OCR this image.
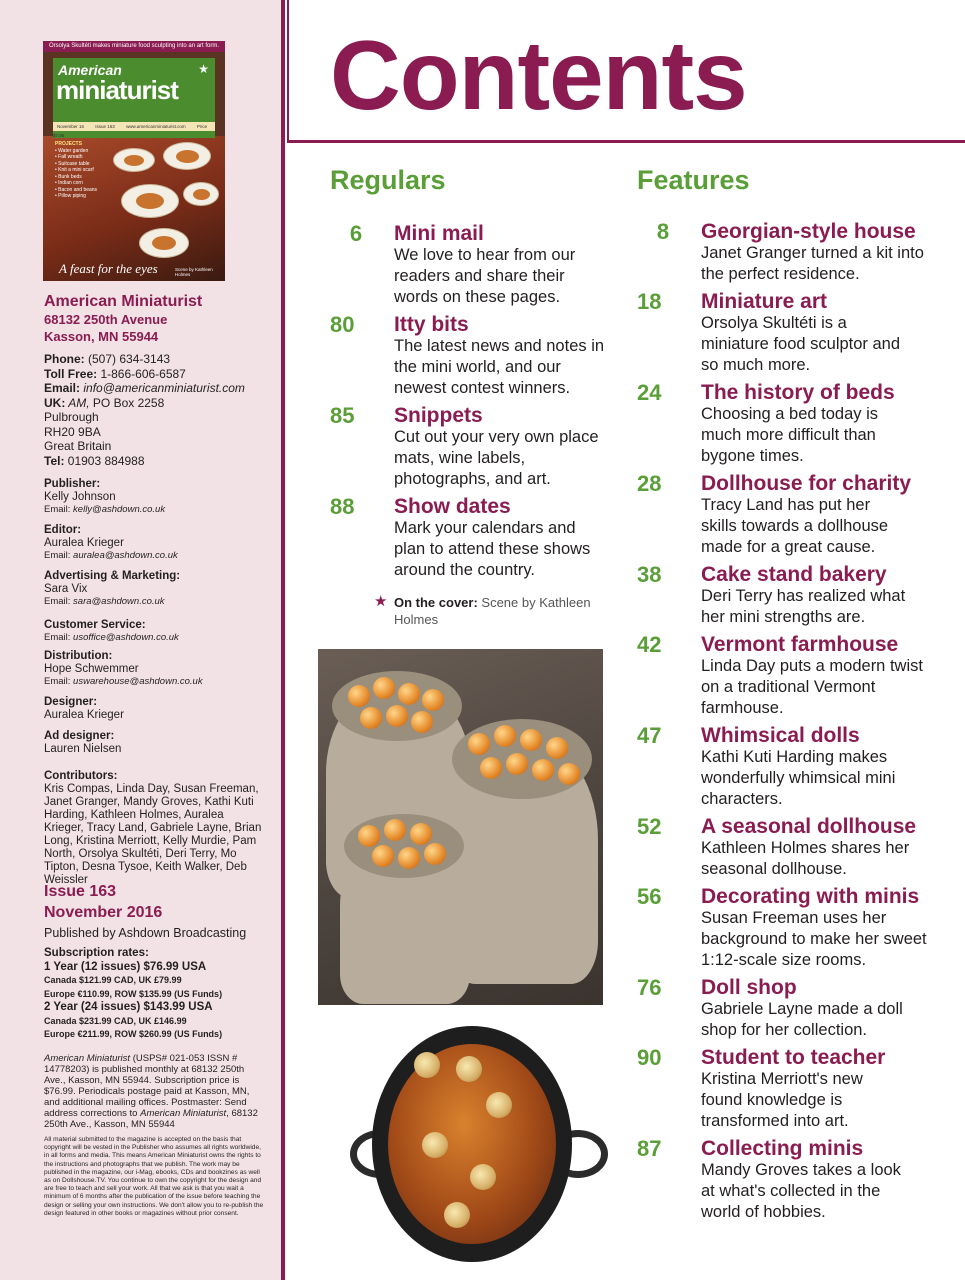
Orsolya Skultéti makes miniature food sculpting into an art form.
American
miniaturist
★
November 16	Issue 163	www.americanminiaturist.com	Price $7.95
PROJECTS
• Water garden
• Fall wreath
• Suitcase table
• Knit a mini scarf
• Bunk beds
• Indian corn
• Bacon and beans
• Pillow piping
A feast for the eyes	Scene by Kathleen Holmes
American Miniaturist
68132 250th Avenue
Kasson, MN 55944
Phone: (507) 634-3143
Toll Free: 1-866-606-6587
Email: info@americanminiaturist.com
UK: AM, PO Box 2258
Pulbrough
RH20 9BA
Great Britain
Tel: 01903 884988
Publisher:
Kelly Johnson
Email: kelly@ashdown.co.uk
Editor:
Auralea Krieger
Email: auralea@ashdown.co.uk
Advertising & Marketing:
Sara Vix
Email: sara@ashdown.co.uk
Customer Service:
Email: usoffice@ashdown.co.uk
Distribution:
Hope Schwemmer
Email: uswarehouse@ashdown.co.uk
Designer:
Auralea Krieger
Ad designer:
Lauren Nielsen
Contributors:
Kris Compas, Linda Day, Susan Freeman, Janet Granger, Mandy Groves, Kathi Kuti Harding, Kathleen Holmes, Auralea Krieger, Tracy Land, Gabriele Layne, Brian Long, Kristina Merriott, Kelly Murdie, Pam North, Orsolya Skultéti, Deri Terry, Mo Tipton, Desna Tysoe, Keith Walker, Deb Weissler
Issue 163
November 2016
Published by Ashdown Broadcasting
Subscription rates:
1 Year (12 issues) $76.99 USA
Canada $121.99 CAD, UK £79.99
Europe €110.99, ROW $135.99 (US Funds)
2 Year (24 issues) $143.99 USA
Canada $231.99 CAD, UK £146.99
Europe €211.99, ROW $260.99 (US Funds)
American Miniaturist (USPS# 021-053 ISSN # 14778203) is published monthly at 68132 250th Ave., Kasson, MN 55944. Subscription price is $76.99. Periodicals postage paid at Kasson, MN, and additional mailing offices. Postmaster: Send address corrections to American Miniaturist, 68132 250th Ave., Kasson, MN 55944
All material submitted to the magazine is accepted on the basis that copyright will be vested in the Publisher who assumes all rights worldwide, in all forms and media. This means American Miniaturist owns the rights to the instructions and photographs that we publish. The work may be published in the magazine, our i-Mag, ebooks, CDs and bookzines as well as on Dollshouse.TV. You continue to own the copyright for the design and are free to teach and sell your work. All that we ask is that you wait a minimum of 6 months after the publication of the issue before teaching the design or selling your own instructions. We don't allow you to re-publish the design featured in other books or magazines without prior consent.
Contents
Regulars
6	Mini mail
We love to hear from our readers and share their words on these pages.
80	Itty bits
The latest news and notes in the mini world, and our newest contest winners.
85	Snippets
Cut out your very own place mats, wine labels, photographs, and art.
88	Show dates
Mark your calendars and plan to attend these shows around the country.
★ On the cover: Scene by Kathleen Holmes
Features
8	Georgian-style house
Janet Granger turned a kit into the perfect residence.
18	Miniature art
Orsolya Skultéti is a miniature food sculptor and so much more.
24	The history of beds
Choosing a bed today is much more difficult than bygone times.
28	Dollhouse for charity
Tracy Land has put her skills towards a dollhouse made for a great cause.
38	Cake stand bakery
Deri Terry has realized what her mini strengths are.
42	Vermont farmhouse
Linda Day puts a modern twist on a traditional Vermont farmhouse.
47	Whimsical dolls
Kathi Kuti Harding makes wonderfully whimsical mini characters.
52	A seasonal dollhouse
Kathleen Holmes shares her seasonal dollhouse.
56	Decorating with minis
Susan Freeman uses her background to make her sweet 1:12-scale size rooms.
76	Doll shop
Gabriele Layne made a doll shop for her collection.
90	Student to teacher
Kristina Merriott's new found knowledge is transformed into art.
87	Collecting minis
Mandy Groves takes a look at what's collected in the world of hobbies.
